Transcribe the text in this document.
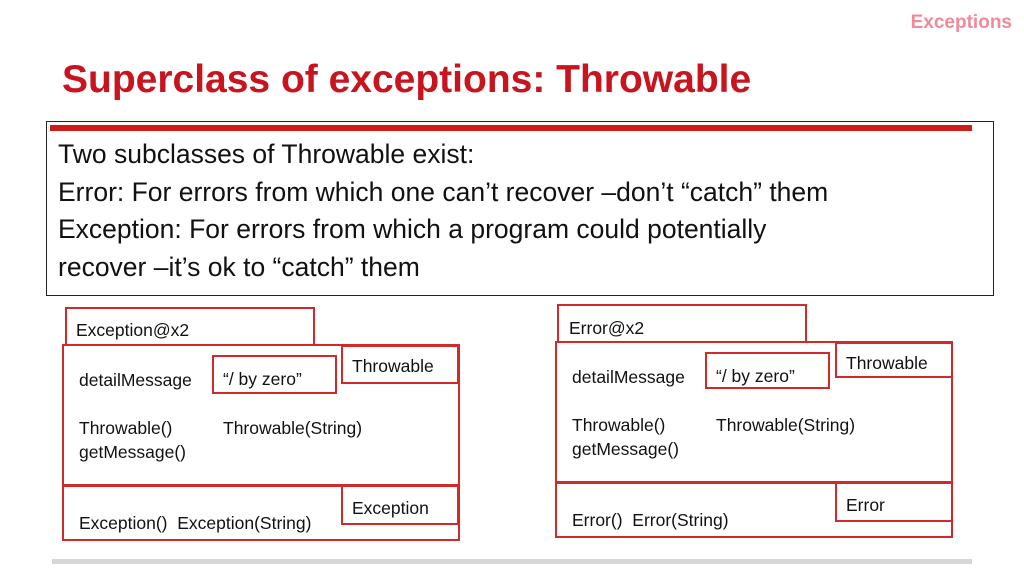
Exceptions
Superclass of exceptions: Throwable
Two subclasses of Throwable exist:
Error: For errors from which one can’t recover –don’t “catch” them
Exception: For errors from which a program could potentially
recover –it’s ok to “catch” them
Exception@x2
Throwable
detailMessage “/ by zero”
Throwable()	Throwable(String)
getMessage()
Exception
Exception()  Exception(String)
Error@x2
Throwable
detailMessage “/ by zero”
Throwable()	Throwable(String)
getMessage()
Error
Error()  Error(String)
